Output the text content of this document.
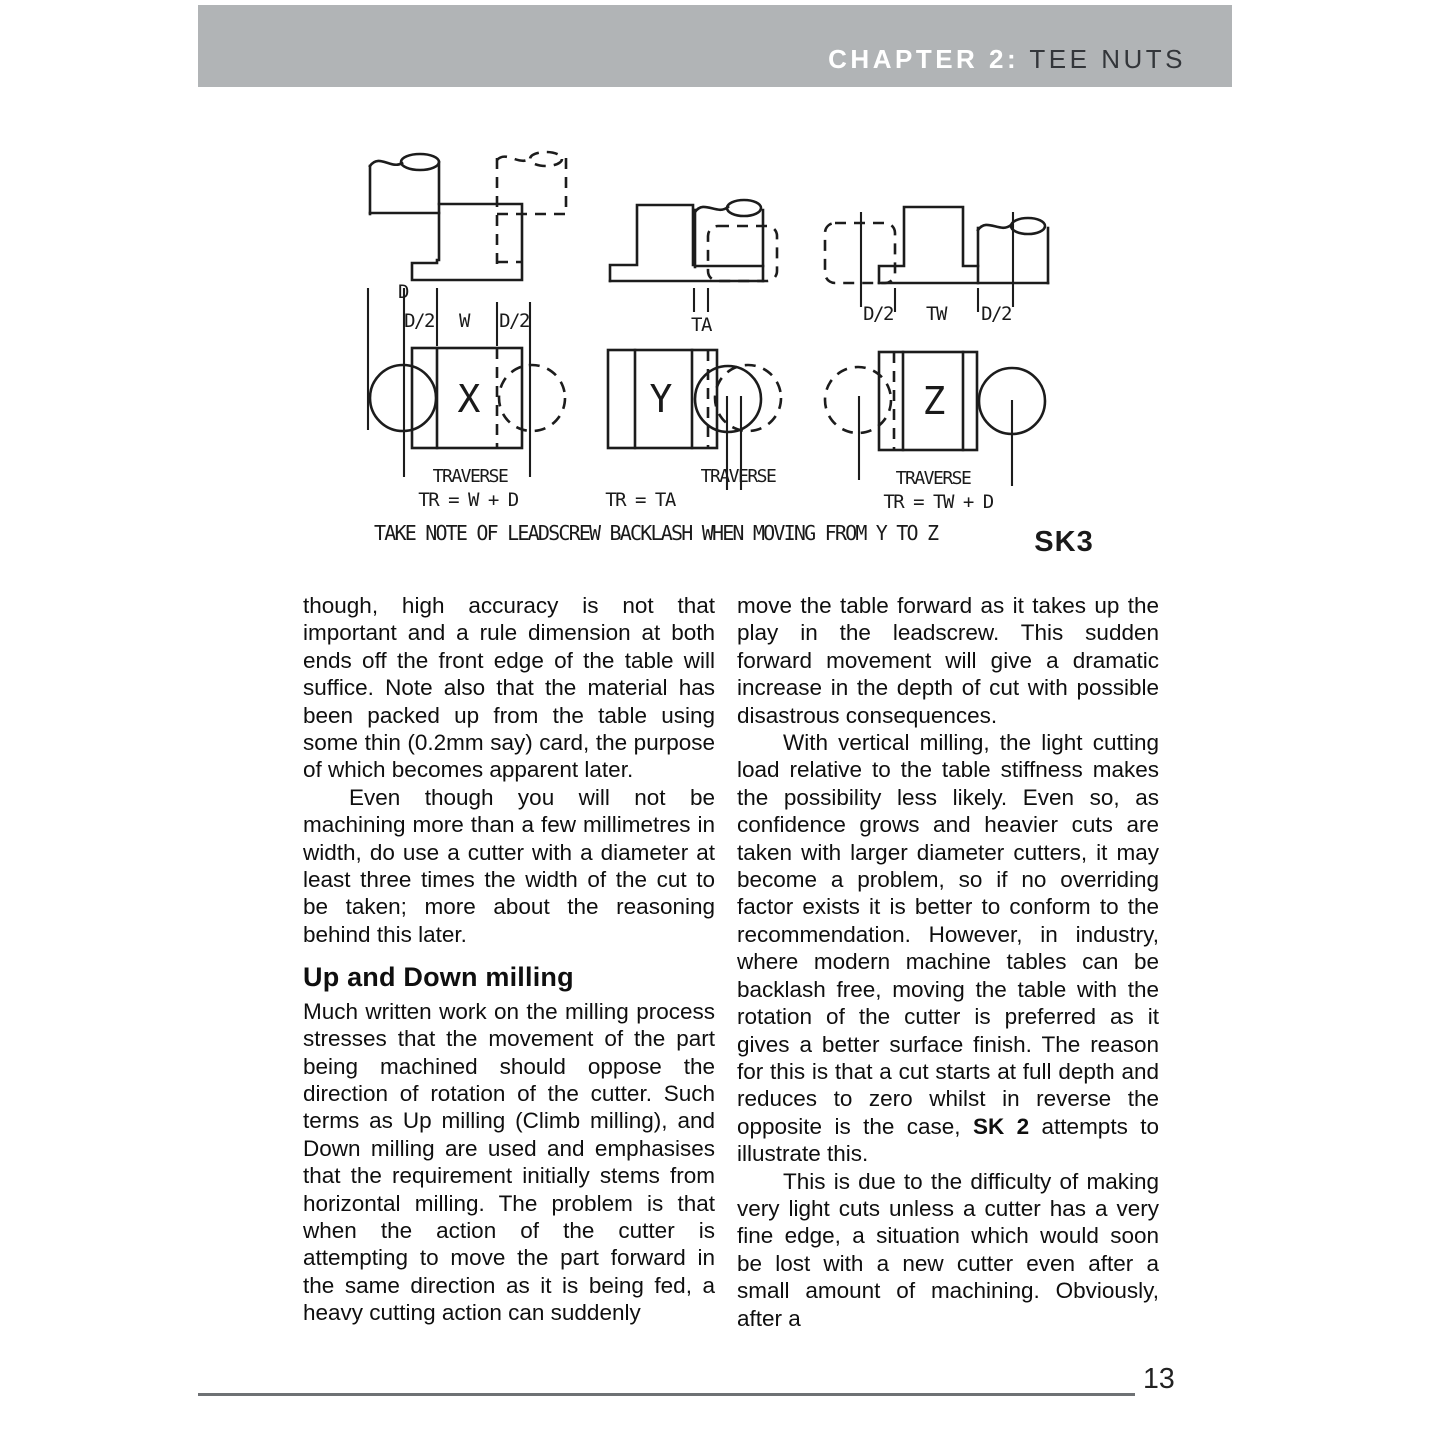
CHAPTER 2: TEE NUTS
D
D/2 W D/2
X
TRAVERSE
TR = W + D
TA
Y
TRAVERSE
TR = TA
D/2 TW D/2
Z
TRAVERSE
TR = TW + D
TAKE NOTE OF LEADSCREW BACKLASH WHEN MOVING FROM Y TO Z	SK3

though, high accuracy is not that important and a rule dimension at both ends off the front edge of the table will suffice. Note also that the material has been packed up from the table using some thin (0.2mm say) card, the purpose of which becomes apparent later.

Even though you will not be machining more than a few millimetres in width, do use a cutter with a diameter at least three times the width of the cut to be taken; more about the reasoning behind this later.

Up and Down milling

Much written work on the milling process stresses that the movement of the part being machined should oppose the direction of rotation of the cutter. Such terms as Up milling (Climb milling), and Down milling are used and emphasises that the requirement initially stems from horizontal milling. The problem is that when the action of the cutter is attempting to move the part forward in the same direction as it is being fed, a heavy cutting action can suddenly

move the table forward as it takes up the play in the leadscrew. This sudden forward movement will give a dramatic increase in the depth of cut with possible disastrous consequences.

With vertical milling, the light cutting load relative to the table stiffness makes the possibility less likely. Even so, as confidence grows and heavier cuts are taken with larger diameter cutters, it may become a problem, so if no overriding factor exists it is better to conform to the recommendation. However, in industry, where modern machine tables can be backlash free, moving the table with the rotation of the cutter is preferred as it gives a better surface finish. The reason for this is that a cut starts at full depth and reduces to zero whilst in reverse the opposite is the case, SK 2 attempts to illustrate this.

This is due to the difficulty of making very light cuts unless a cutter has a very fine edge, a situation which would soon be lost with a new cutter even after a small amount of machining. Obviously, after a

13
